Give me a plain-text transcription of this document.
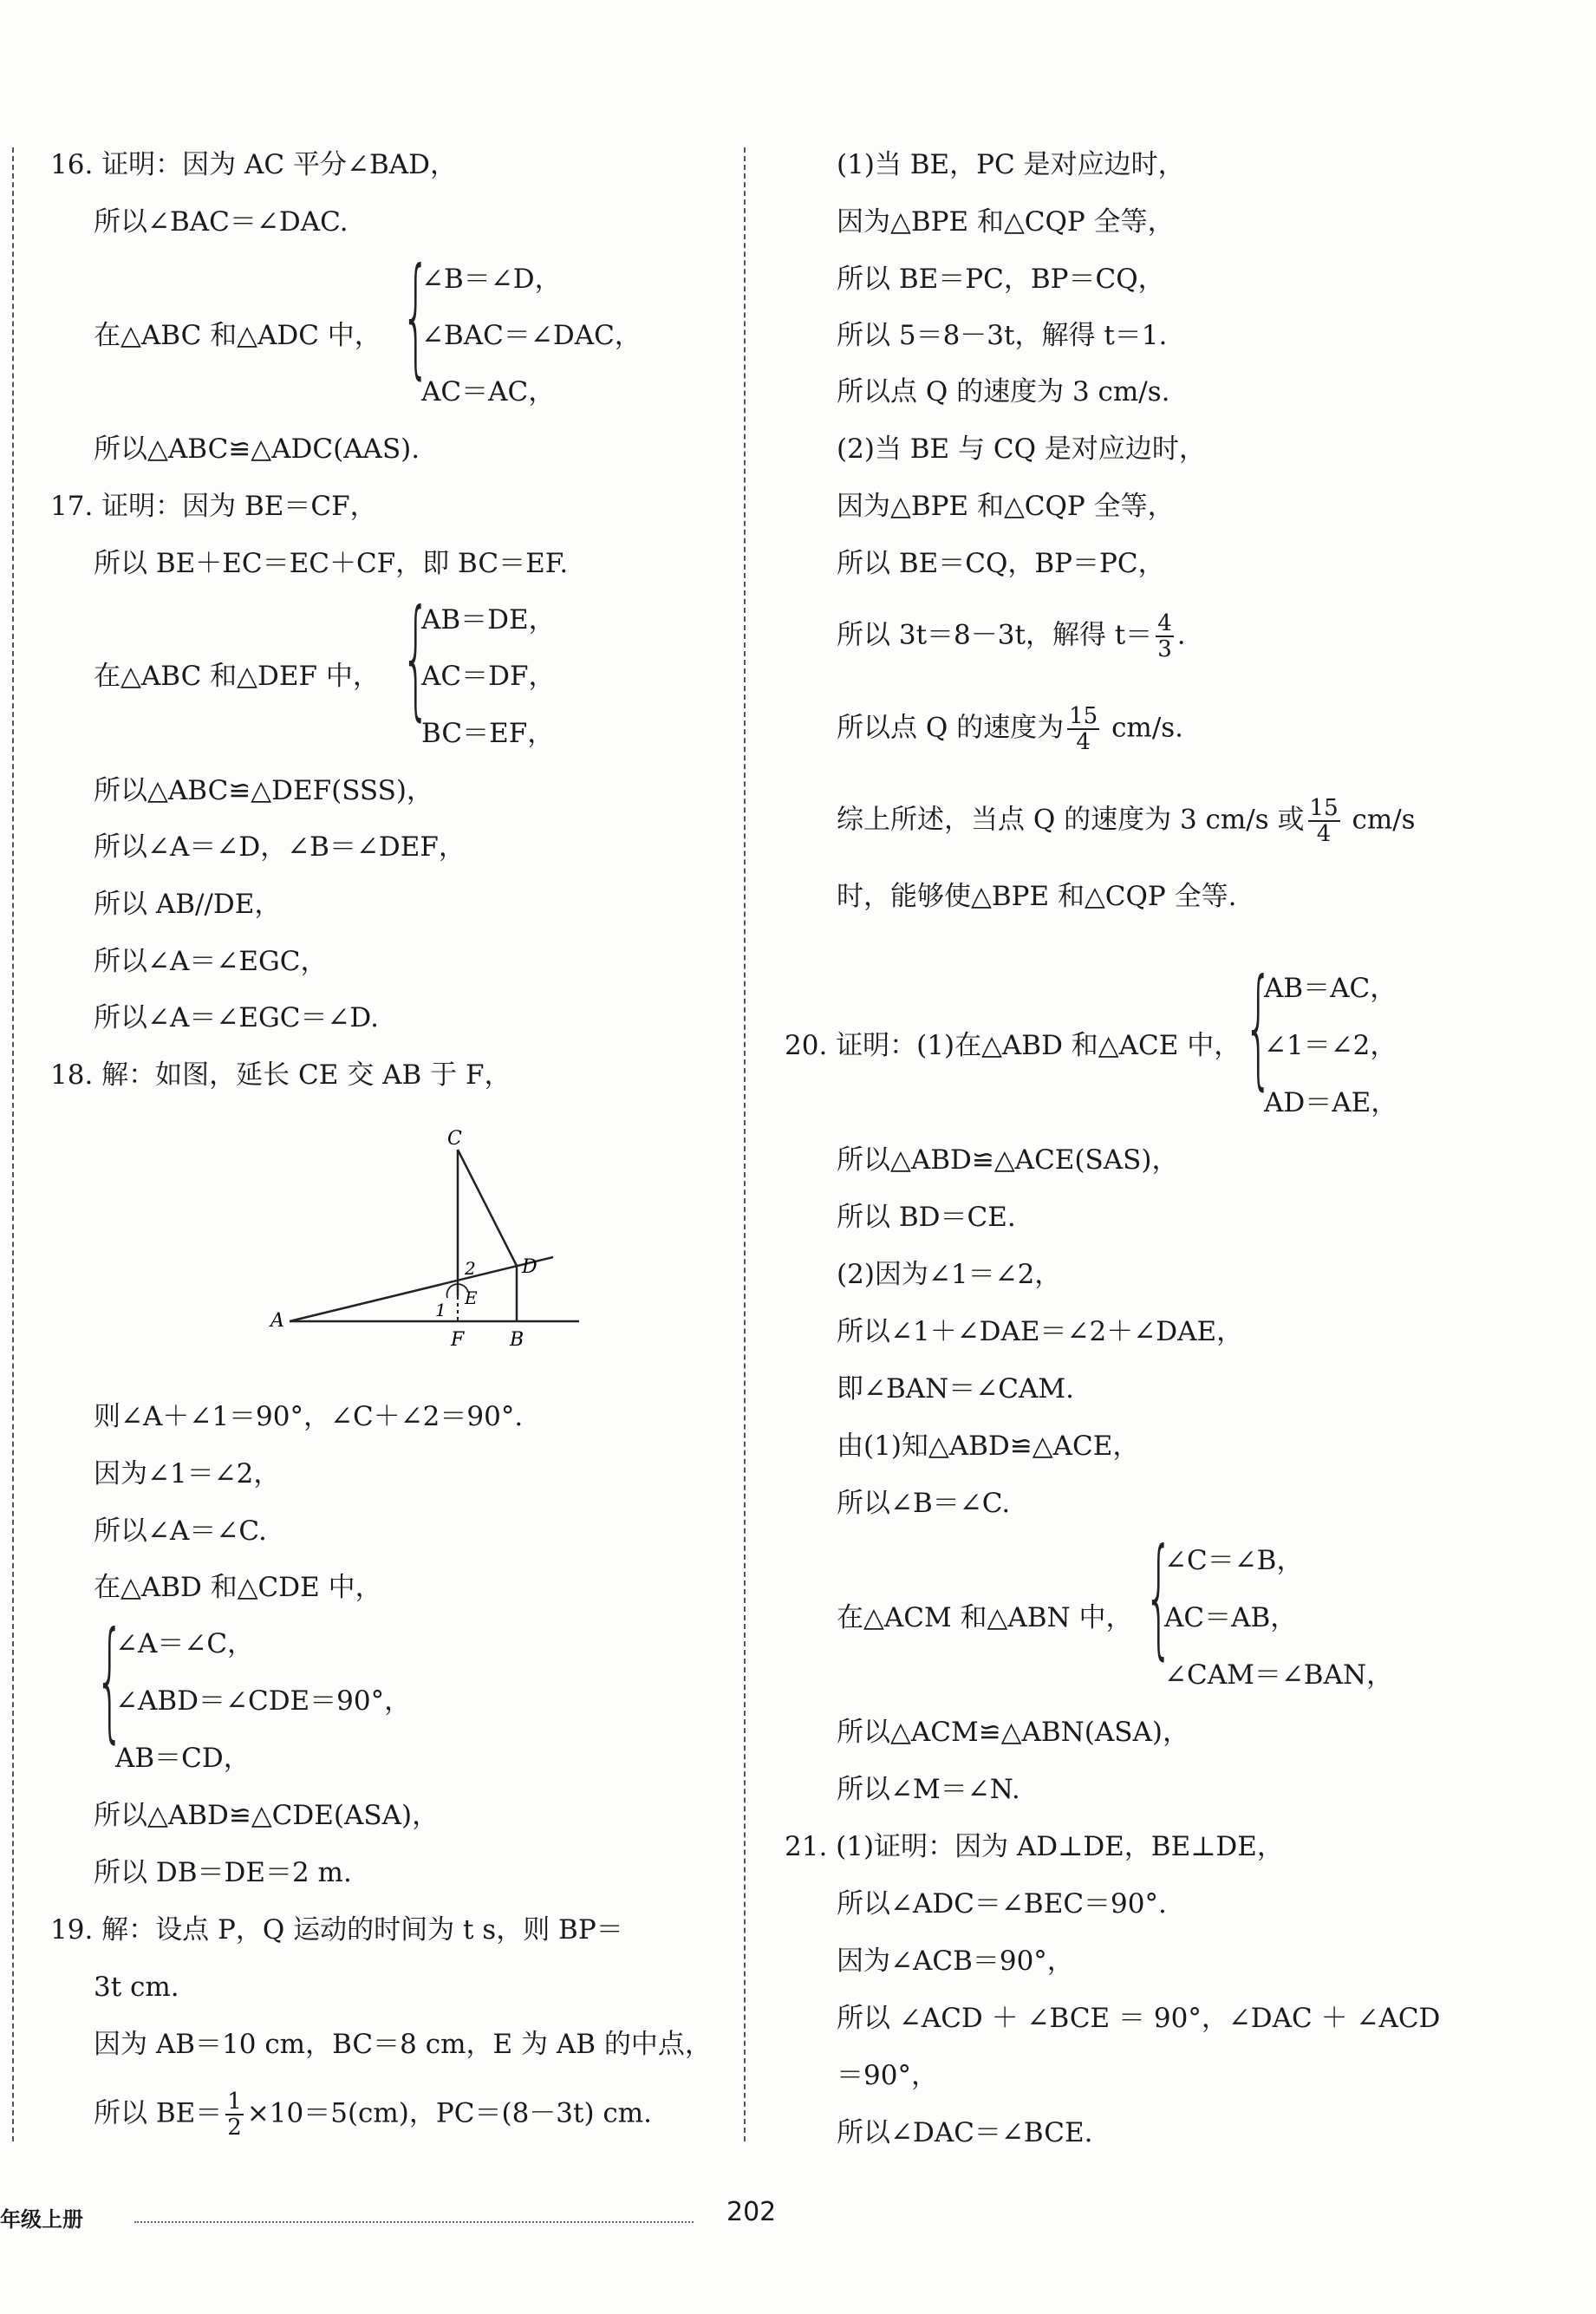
16. 证明：因为 AC 平分∠BAD，
所以∠BAC＝∠DAC.
在△ABC 和△ADC 中， {
∠B＝∠D，
∠BAC＝∠DAC，
AC＝AC，
所以△ABC≌△ADC(AAS).
17. 证明：因为 BE＝CF，
所以 BE＋EC＝EC＋CF，即 BC＝EF.
在△ABC 和△DEF 中， {
AB＝DE，
AC＝DF，
BC＝EF，
所以△ABC≌△DEF(SSS)，
所以∠A＝∠D，∠B＝∠DEF，
所以 AB//DE，
所以∠A＝∠EGC，
所以∠A＝∠EGC＝∠D.
18. 解：如图，延长 CE 交 AB 于 F，
C
A
F B
D
E
2
1
则∠A＋∠1＝90°，∠C＋∠2＝90°.
因为∠1＝∠2，
所以∠A＝∠C.
在△ABD 和△CDE 中，
{
∠A＝∠C，
∠ABD＝∠CDE＝90°，
AB＝CD，
所以△ABD≌△CDE(ASA)，
所以 DB＝DE＝2 m.
19. 解：设点 P，Q 运动的时间为 t s，则 BP＝
3t cm.
因为 AB＝10 cm，BC＝8 cm，E 为 AB 的中点，
所以 $BE= \frac{1}{2} \times 10=5(cm)$，PC＝(8－3t) cm.
(1)当 BE，PC 是对应边时，
因为△BPE 和△CQP 全等，
所以 BE＝PC，BP＝CQ，
所以 5＝8－3t，解得 t＝1.
所以点 Q 的速度为 3 cm/s.
(2)当 BE 与 CQ 是对应边时，
因为△BPE 和△CQP 全等，
所以 BE＝CQ，BP＝PC，
所以 3t＝8－3t，解得 $t= \frac{4}{3}$ .
所以点 Q 的速度为 $\frac{15}{4} cm/s$.
综上所述，当点 Q 的速度为 3 cm/s 或 $\frac{15}{4} cm/s$
时，能够使△BPE 和△CQP 全等.
{
AB＝AC，
20. 证明：(1)在△ABD 和△ACE 中， ∠1＝∠2，
AD＝AE，
所以△ABD≌△ACE(SAS)，
所以 BD＝CE.
(2)因为∠1＝∠2，
所以∠1＋∠DAE＝∠2＋∠DAE，
即∠BAN＝∠CAM.
由(1)知△ABD≌△ACE，
所以∠B＝∠C.
{
∠C＝∠B，
在△ACM 和△ABN 中， AC＝AB，
∠CAM＝∠BAN，
所以△ACM≌△ABN(ASA)，
所以∠M＝∠N.
21. (1)证明：因为 AD⊥DE，BE⊥DE，
所以∠ADC＝∠BEC＝90°.
因为∠ACB＝90°，
所以 ∠ACD ＋ ∠BCE ＝ 90°，∠DAC ＋ ∠ACD
＝90°，
所以∠DAC＝∠BCE.
年级上册	202
